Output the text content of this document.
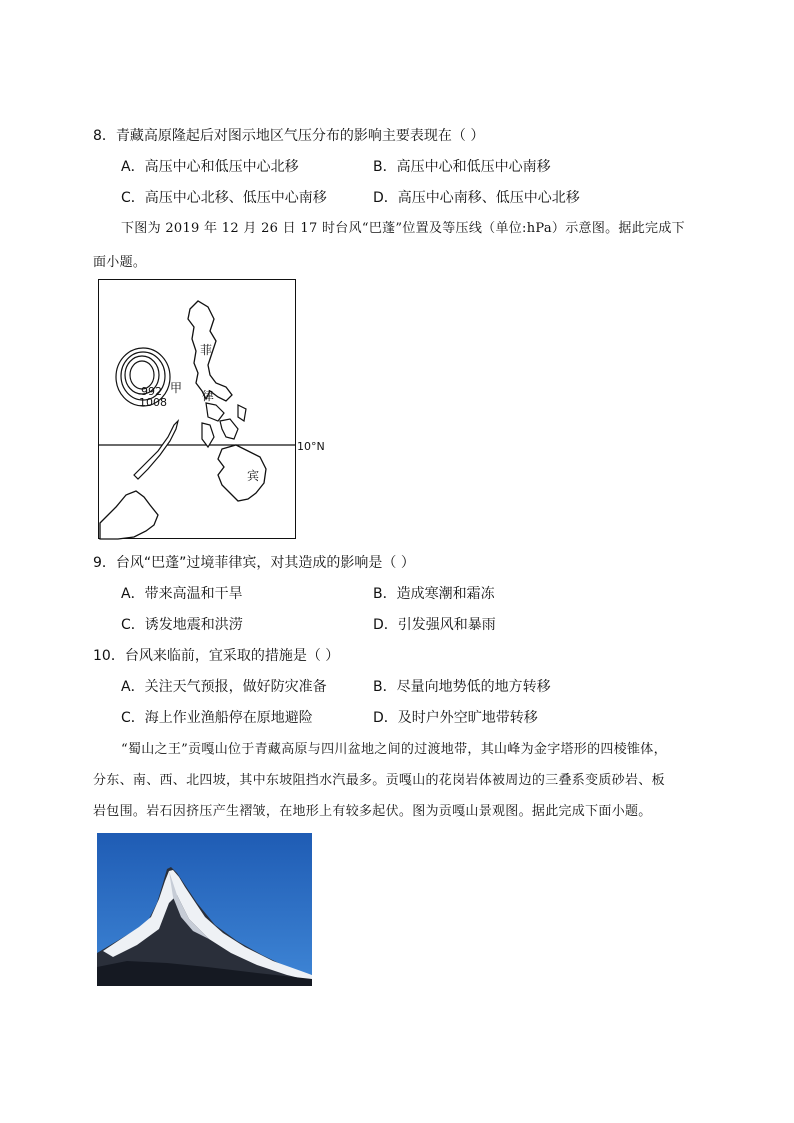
8．青藏高原隆起后对图示地区气压分布的影响主要表现在（ ）
A．高压中心和低压中心北移	B．高压中心和低压中心南移
C．高压中心北移、低压中心南移	D．高压中心南移、低压中心北移
下图为 2019 年 12 月 26 日 17 时台风“巴蓬”位置及等压线（单位:hPa）示意图。据此完成下
面小题。
菲
甲
律
宾
992
1008
10°N
9．台风“巴蓬”过境菲律宾，对其造成的影响是（ ）
A．带来高温和干旱	B．造成寒潮和霜冻
C．诱发地震和洪涝	D．引发强风和暴雨
10．台风来临前，宜采取的措施是（ ）
A．关注天气预报，做好防灾准备	B．尽量向地势低的地方转移
C．海上作业渔船停在原地避险	D．及时户外空旷地带转移
“蜀山之王”贡嘎山位于青藏高原与四川盆地之间的过渡地带，其山峰为金字塔形的四棱锥体，
分东、南、西、北四坡，其中东坡阻挡水汽最多。贡嘎山的花岗岩体被周边的三叠系变质砂岩、板
岩包围。岩石因挤压产生褶皱，在地形上有较多起伏。图为贡嘎山景观图。据此完成下面小题。
